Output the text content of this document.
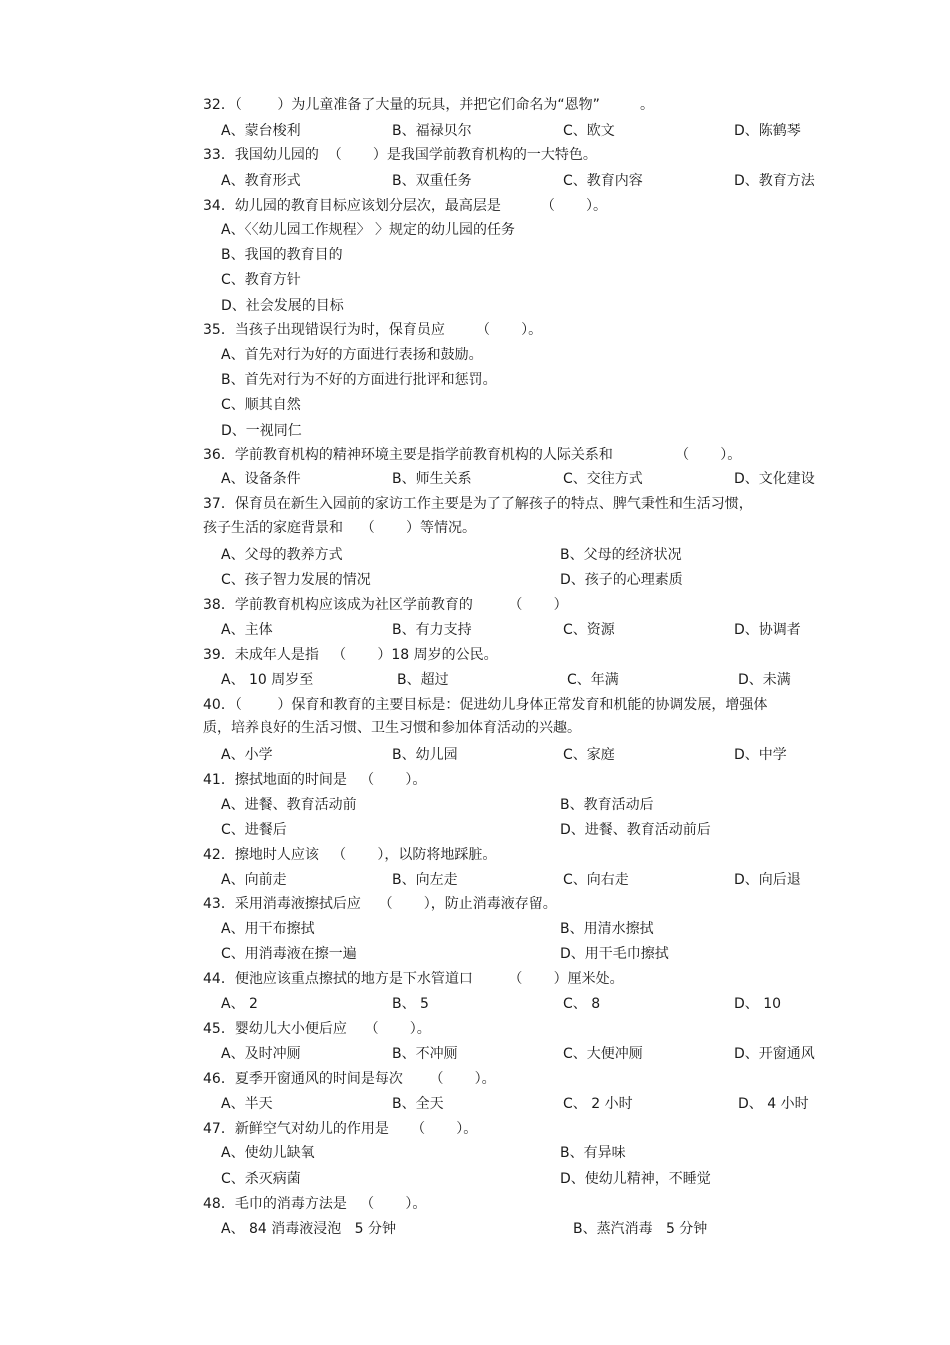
32．（        ）为儿童准备了大量的玩具，并把它们命名为“恩物”         。
A、蒙台梭利	B、福禄贝尔	C、欧文	D、陈鹤琴
33．我国幼儿园的  （       ）是我国学前教育机构的一大特色。
A、教育形式	B、双重任务	C、教育内容	D、教育方法
34．幼儿园的教育目标应该划分层次，最高层是         （       ）。
A、〈〈幼儿园工作规程〉 〉规定的幼儿园的任务
B、我国的教育目的
C、教育方针
D、社会发展的目标
35．当孩子出现错误行为时，保育员应       （       ）。
A、首先对行为好的方面进行表扬和鼓励。
B、首先对行为不好的方面进行批评和惩罚。
C、顺其自然
D、一视同仁
36．学前教育机构的精神环境主要是指学前教育机构的人际关系和              （       ）。
A、设备条件	B、师生关系	C、交往方式	D、文化建设
37．保育员在新生入园前的家访工作主要是为了了解孩子的特点、脾气秉性和生活习惯，
孩子生活的家庭背景和    （       ）等情况。
A、父母的教养方式	B、父母的经济状况
C、孩子智力发展的情况	D、孩子的心理素质
38．学前教育机构应该成为社区学前教育的        （       ）
A、主体	B、有力支持	C、资源	D、协调者
39．未成年人是指   （       ）18 周岁的公民。
A、 10 周岁至	B、超过	C、年满	D、未满
40．（        ）保育和教育的主要目标是：促进幼儿身体正常发育和机能的协调发展，增强体
质，培养良好的生活习惯、卫生习惯和参加体育活动的兴趣。
A、小学	B、幼儿园	C、家庭	D、中学
41．擦拭地面的时间是   （       ）。
A、进餐、教育活动前	B、教育活动后
C、进餐后	D、进餐、教育活动前后
42．擦地时人应该   （       ），以防将地踩脏。
A、向前走	B、向左走	C、向右走	D、向后退
43．采用消毒液擦拭后应    （       ），防止消毒液存留。
A、用干布擦拭	B、用清水擦拭
C、用消毒液在擦一遍	D、用干毛巾擦拭
44．便池应该重点擦拭的地方是下水管道口        （       ）厘米处。
A、 2	B、 5	C、 8	D、 10
45．婴幼儿大小便后应    （       ）。
A、及时冲厕	B、不冲厕	C、大便冲厕	D、开窗通风
46．夏季开窗通风的时间是每次      （       ）。
A、半天	B、全天	C、 2 小时	D、 4 小时
47．新鲜空气对幼儿的作用是     （       ）。
A、使幼儿缺氧	B、有异味
C、杀灭病菌	D、使幼儿精神，不睡觉
48．毛巾的消毒方法是   （       ）。
A、 84 消毒液浸泡   5 分钟	B、蒸汽消毒   5 分钟
